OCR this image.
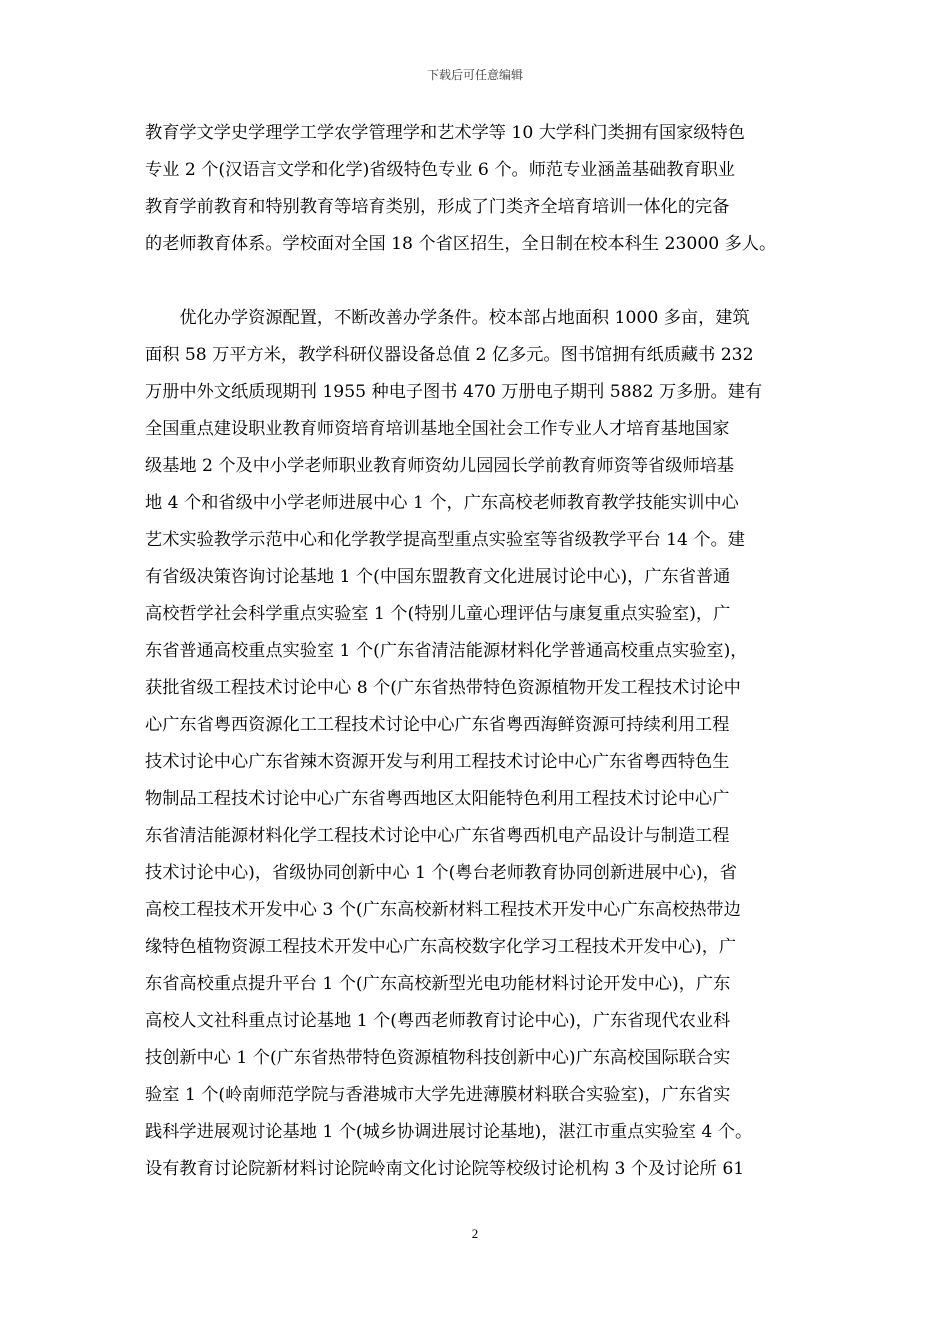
下载后可任意编辑
教育学文学史学理学工学农学管理学和艺术学等 10 大学科门类拥有国家级特色
专业 2 个(汉语言文学和化学)省级特色专业 6 个。师范专业涵盖基础教育职业
教育学前教育和特别教育等培育类别，形成了门类齐全培育培训一体化的完备
的老师教育体系。学校面对全国 18 个省区招生，全日制在校本科生 23000 多人。
　　优化办学资源配置，不断改善办学条件。校本部占地面积 1000 多亩，建筑
面积 58 万平方米，教学科研仪器设备总值 2 亿多元。图书馆拥有纸质藏书 232
万册中外文纸质现期刊 1955 种电子图书 470 万册电子期刊 5882 万多册。建有
全国重点建设职业教育师资培育培训基地全国社会工作专业人才培育基地国家
级基地 2 个及中小学老师职业教育师资幼儿园园长学前教育师资等省级师培基
地 4 个和省级中小学老师进展中心 1 个，广东高校老师教育教学技能实训中心
艺术实验教学示范中心和化学教学提高型重点实验室等省级教学平台 14 个。建
有省级决策咨询讨论基地 1 个(中国东盟教育文化进展讨论中心)，广东省普通
高校哲学社会科学重点实验室 1 个(特别儿童心理评估与康复重点实验室)，广
东省普通高校重点实验室 1 个(广东省清洁能源材料化学普通高校重点实验室)，
获批省级工程技术讨论中心 8 个(广东省热带特色资源植物开发工程技术讨论中
心广东省粤西资源化工工程技术讨论中心广东省粤西海鲜资源可持续利用工程
技术讨论中心广东省辣木资源开发与利用工程技术讨论中心广东省粤西特色生
物制品工程技术讨论中心广东省粤西地区太阳能特色利用工程技术讨论中心广
东省清洁能源材料化学工程技术讨论中心广东省粤西机电产品设计与制造工程
技术讨论中心)，省级协同创新中心 1 个(粤台老师教育协同创新进展中心)，省
高校工程技术开发中心 3 个(广东高校新材料工程技术开发中心广东高校热带边
缘特色植物资源工程技术开发中心广东高校数字化学习工程技术开发中心)，广
东省高校重点提升平台 1 个(广东高校新型光电功能材料讨论开发中心)，广东
高校人文社科重点讨论基地 1 个(粤西老师教育讨论中心)，广东省现代农业科
技创新中心 1 个(广东省热带特色资源植物科技创新中心)广东高校国际联合实
验室 1 个(岭南师范学院与香港城市大学先进薄膜材料联合实验室)，广东省实
践科学进展观讨论基地 1 个(城乡协调进展讨论基地)，湛江市重点实验室 4 个。
设有教育讨论院新材料讨论院岭南文化讨论院等校级讨论机构 3 个及讨论所 61
2
